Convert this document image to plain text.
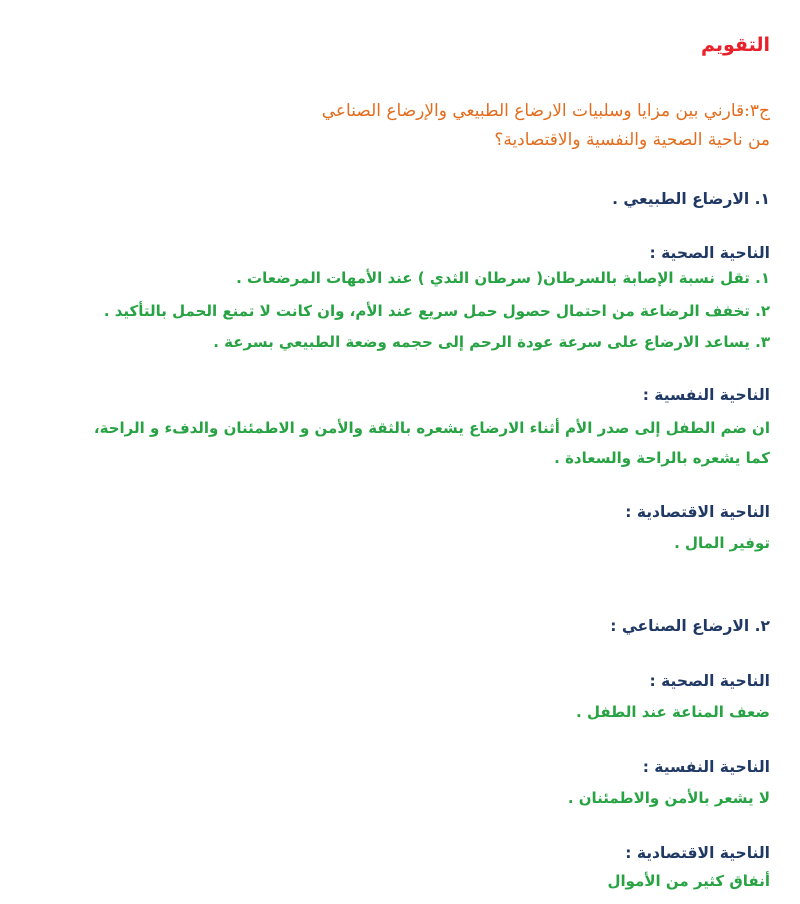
التقويم
ج٣:قارني بين مزايا وسلبيات الارضاع الطبيعي والإرضاع الصناعي
من ناحية الصحية والنفسية والاقتصادية؟
١. الارضاع الطبيعي .
الناحية الصحية :
١. تقل نسبة الإصابة بالسرطان( سرطان الثدي ) عند الأمهات المرضعات .
٢. تخفف الرضاعة من احتمال حصول حمل سريع عند الأم، وان كانت لا تمنع الحمل بالتأكيد .
٣. يساعد الارضاع على سرعة عودة الرحم إلى حجمه وضعة الطبيعي بسرعة .
الناحية النفسية :
ان ضم الطفل إلى صدر الأم أثناء الارضاع يشعره بالثقة والأمن و الاطمئنان والدفء و الراحة،
كما يشعره بالراحة والسعادة .
الناحية الاقتصادية :
توفير المال .
٢. الارضاع الصناعي :
الناحية الصحية :
ضعف المناعة عند الطفل .
الناحية النفسية :
لا يشعر بالأمن والاطمئنان .
الناحية الاقتصادية :
أنفاق كثير من الأموال
